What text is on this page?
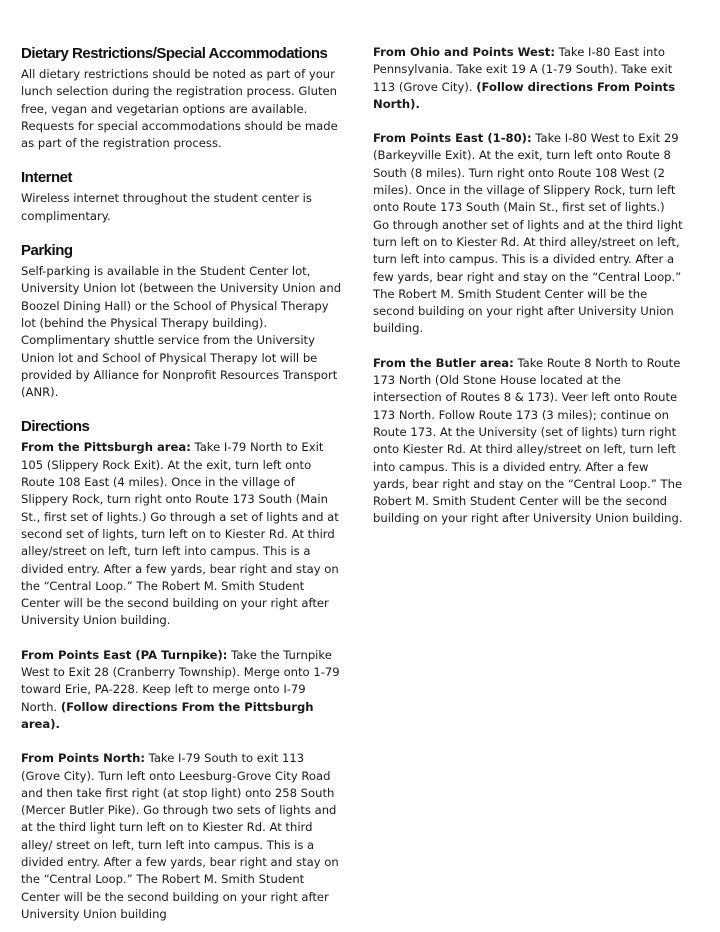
Dietary Restrictions/Special Accommodations

All dietary restrictions should be noted as part of your lunch selection during the registration process. Gluten free, vegan and vegetarian options are available. Requests for special accommodations should be made as part of the registration process.

Internet

Wireless internet throughout the student center is complimentary.

Parking

Self-parking is available in the Student Center lot, University Union lot (between the University Union and Boozel Dining Hall) or the School of Physical Therapy lot (behind the Physical Therapy building). Complimentary shuttle service from the University Union lot and School of Physical Therapy lot will be provided by Alliance for Nonprofit Resources Transport (ANR).

Directions

From the Pittsburgh area: Take I-79 North to Exit 105 (Slippery Rock Exit). At the exit, turn left onto Route 108 East (4 miles). Once in the village of Slippery Rock, turn right onto Route 173 South (Main St., first set of lights.) Go through a set of lights and at second set of lights, turn left on to Kiester Rd. At third alley/street on left, turn left into campus. This is a divided entry. After a few yards, bear right and stay on the “Central Loop.” The Robert M. Smith Student Center will be the second building on your right after University Union building.

From Points East (PA Turnpike): Take the Turnpike West to Exit 28 (Cranberry Township). Merge onto 1-79 toward Erie, PA-228. Keep left to merge onto I-79 North. (Follow directions From the Pittsburgh area).

From Points North: Take I-79 South to exit 113 (Grove City). Turn left onto Leesburg-Grove City Road and then take first right (at stop light) onto 258 South (Mercer Butler Pike). Go through two sets of lights and at the third light turn left on to Kiester Rd. At third alley/ street on left, turn left into campus. This is a divided entry. After a few yards, bear right and stay on the “Central Loop.” The Robert M. Smith Student Center will be the second building on your right after University Union building

From Ohio and Points West: Take I-80 East into Pennsylvania. Take exit 19 A (1-79 South). Take exit 113 (Grove City). (Follow directions From Points North).

From Points East (1-80): Take I-80 West to Exit 29 (Barkeyville Exit). At the exit, turn left onto Route 8 South (8 miles). Turn right onto Route 108 West (2 miles). Once in the village of Slippery Rock, turn left onto Route 173 South (Main St., first set of lights.) Go through another set of lights and at the third light turn left on to Kiester Rd. At third alley/street on left, turn left into campus. This is a divided entry. After a few yards, bear right and stay on the “Central Loop.” The Robert M. Smith Student Center will be the second building on your right after University Union building.

From the Butler area: Take Route 8 North to Route 173 North (Old Stone House located at the intersection of Routes 8 & 173). Veer left onto Route 173 North. Follow Route 173 (3 miles); continue on Route 173. At the University (set of lights) turn right onto Kiester Rd. At third alley/street on left, turn left into campus. This is a divided entry. After a few yards, bear right and stay on the “Central Loop.” The Robert M. Smith Student Center will be the second building on your right after University Union building.
